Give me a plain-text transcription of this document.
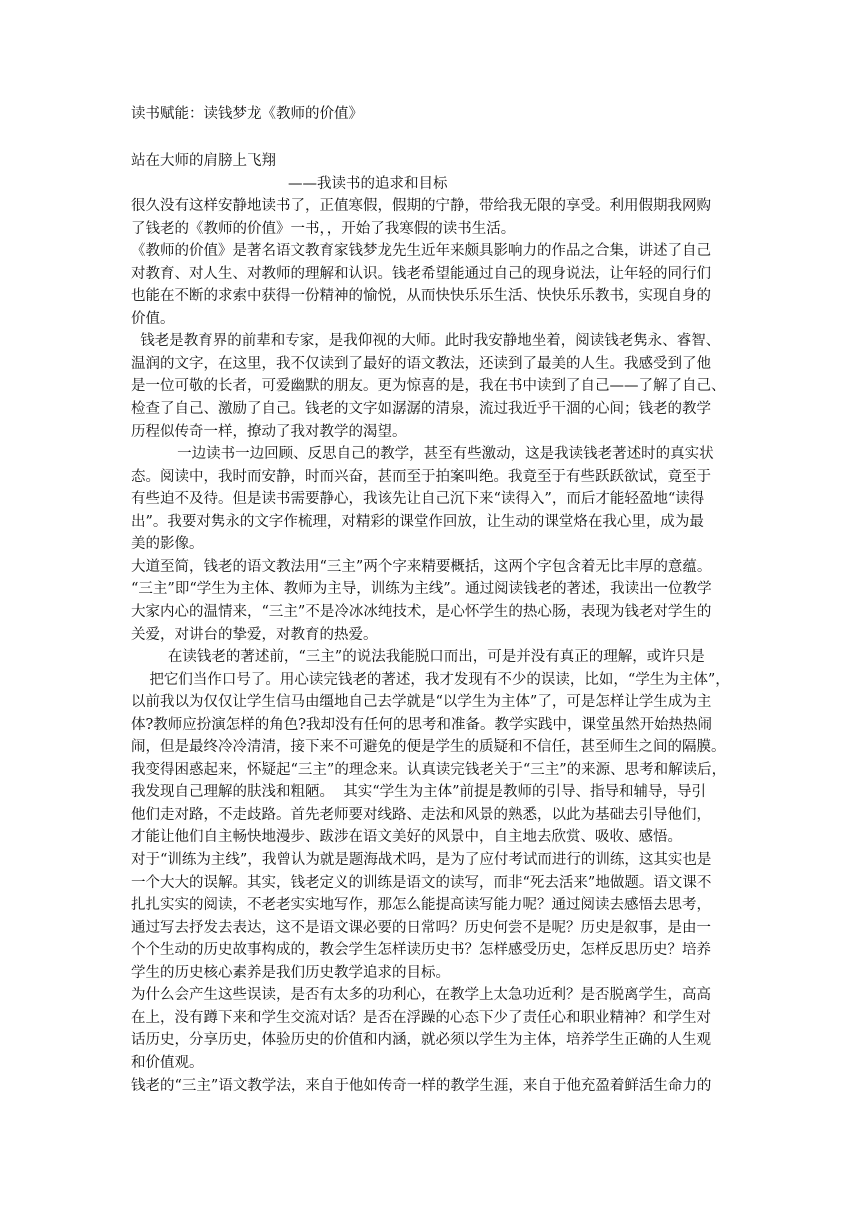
读书赋能：读钱梦龙《教师的价值》
站在大师的肩膀上飞翔
——我读书的追求和目标
很久没有这样安静地读书了，正值寒假，假期的宁静，带给我无限的享受。利用假期我网购
了钱老的《教师的价值》一书，，开始了我寒假的读书生活。
《教师的价值》是著名语文教育家钱梦龙先生近年来颇具影响力的作品之合集，讲述了自己
对教育、对人生、对教师的理解和认识。钱老希望能通过自己的现身说法，让年轻的同行们
也能在不断的求索中获得一份精神的愉悦，从而快快乐乐生活、快快乐乐教书，实现自身的
价值。
钱老是教育界的前辈和专家，是我仰视的大师。此时我安静地坐着，阅读钱老隽永、睿智、
温润的文字，在这里，我不仅读到了最好的语文教法，还读到了最美的人生。我感受到了他
是一位可敬的长者，可爱幽默的朋友。更为惊喜的是，我在书中读到了自己——了解了自己、
检查了自己、激励了自己。钱老的文字如潺潺的清泉，流过我近乎干涸的心间；钱老的教学
历程似传奇一样，撩动了我对教学的渴望。
一边读书一边回顾、反思自己的教学，甚至有些激动，这是我读钱老著述时的真实状
态。阅读中，我时而安静，时而兴奋，甚而至于拍案叫绝。我竟至于有些跃跃欲试，竟至于
有些迫不及待。但是读书需要静心，我该先让自己沉下来“读得入”，而后才能轻盈地“读得
出”。我要对隽永的文字作梳理，对精彩的课堂作回放，让生动的课堂烙在我心里，成为最
美的影像。
大道至简，钱老的语文教法用“三主”两个字来精要概括，这两个字包含着无比丰厚的意蕴。
“三主”即“学生为主体、教师为主导，训练为主线”。通过阅读钱老的著述，我读出一位教学
大家内心的温情来，“三主”不是冷冰冰纯技术，是心怀学生的热心肠，表现为钱老对学生的
关爱，对讲台的挚爱，对教育的热爱。
在读钱老的著述前，“三主”的说法我能脱口而出，可是并没有真正的理解，或许只是
把它们当作口号了。用心读完钱老的著述，我才发现有不少的误读，比如，“学生为主体”，
以前我以为仅仅让学生信马由缰地自己去学就是“以学生为主体”了，可是怎样让学生成为主
体?教师应扮演怎样的角色?我却没有任何的思考和准备。教学实践中，课堂虽然开始热热闹
闹，但是最终冷冷清清，接下来不可避免的便是学生的质疑和不信任，甚至师生之间的隔膜。
我变得困惑起来，怀疑起“三主”的理念来。认真读完钱老关于“三主”的来源、思考和解读后，
我发现自己理解的肤浅和粗陋。  其实“学生为主体”前提是教师的引导、指导和辅导，导引
他们走对路，不走歧路。首先老师要对线路、走法和风景的熟悉，以此为基础去引导他们，
才能让他们自主畅快地漫步、跋涉在语文美好的风景中，自主地去欣赏、吸收、感悟。
对于“训练为主线”，我曾认为就是题海战术吗，是为了应付考试而进行的训练，这其实也是
一个大大的误解。其实，钱老定义的训练是语文的读写，而非“死去活来”地做题。语文课不
扎扎实实的阅读，不老老实实地写作，那怎么能提高读写能力呢？通过阅读去感悟去思考，
通过写去抒发去表达，这不是语文课必要的日常吗？历史何尝不是呢？历史是叙事，是由一
个个生动的历史故事构成的，教会学生怎样读历史书？怎样感受历史，怎样反思历史？培养
学生的历史核心素养是我们历史教学追求的目标。
为什么会产生这些误读，是否有太多的功利心，在教学上太急功近利？是否脱离学生，高高
在上，没有蹲下来和学生交流对话？是否在浮躁的心态下少了责任心和职业精神？和学生对
话历史，分享历史，体验历史的价值和内涵，就必须以学生为主体，培养学生正确的人生观
和价值观。
钱老的“三主”语文教学法，来自于他如传奇一样的教学生涯，来自于他充盈着鲜活生命力的
